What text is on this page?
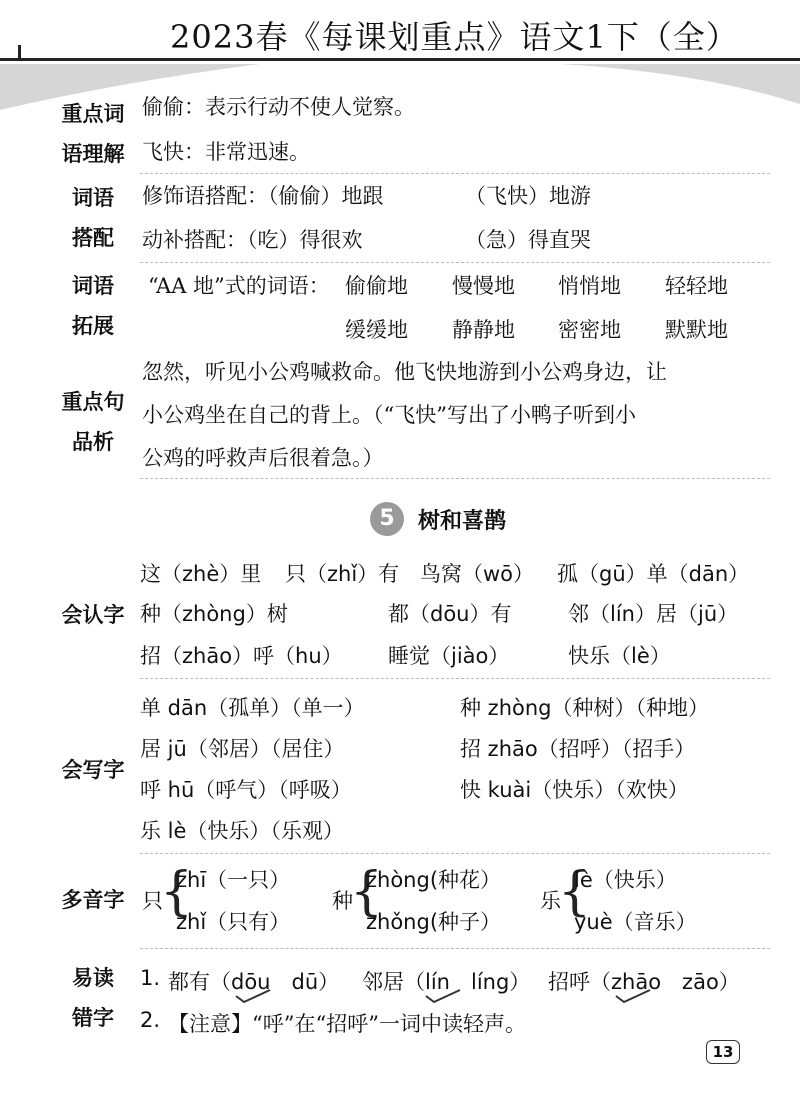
2023春《每课划重点》语文1下（全）
重点词
语理解
偷偷：表示行动不使人觉察。
飞快：非常迅速。
词语
搭配
修饰语搭配：（偷偷）地跟	（飞快）地游
动补搭配：（吃）得很欢	（急）得直哭
词语
拓展
“AA 地”式的词语： 偷偷地 慢慢地 悄悄地 轻轻地
缓缓地 静静地 密密地 默默地
重点句
品析
忽然，听见小公鸡喊救命。他飞快地游到小公鸡身边，让
小公鸡坐在自己的背上。（“飞快”写出了小鸭子听到小
公鸡的呼救声后很着急。）
5	树和喜鹊
会认字
这（zhè）里 只（zhǐ）有 鸟窝（wō） 孤（gū）单（dān）
种（zhòng）树	都（dōu）有	邻（lín）居（jū）
招（zhāo）呼（hu） 睡觉（jiào）	快乐（lè）
会写字
单 dān（孤单）（单一）	种 zhòng（种树）（种地）
居 jū（邻居）（居住）	招 zhāo（招呼）（招手）
呼 hū（呼气）（呼吸）	快 kuài（快乐）（欢快）
乐 lè（快乐）（乐观）
多音字 只
{
zhī（一只）
zhǐ（只有）
种
{
zhòng(种花）
zhǒng(种子）
乐
{
lè（快乐）
yuè（音乐）
易读
错字
1. 都有（dōu　dū） 邻居（lín　líng） 招呼（zhāo　zāo）
2. 【注意】“呼”在“招呼”一词中读轻声。
13
